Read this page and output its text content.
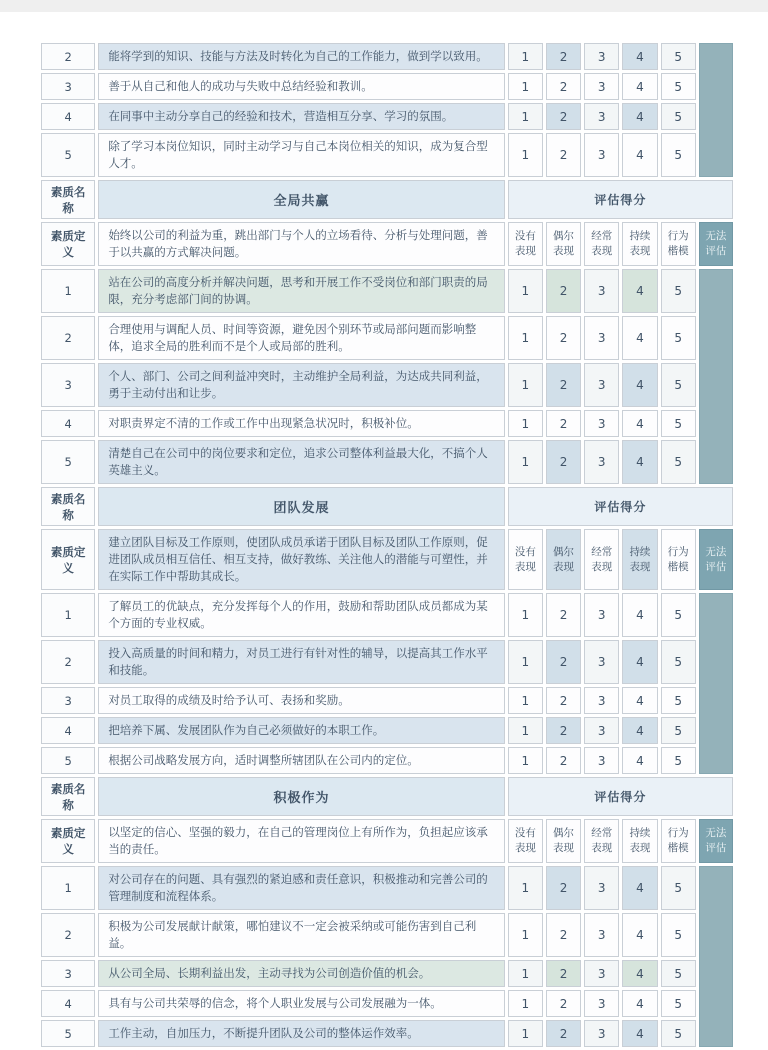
2	能将学到的知识、技能与方法及时转化为自己的工作能力，做到学以致用。	1	2	3	4	5	
3	善于从自己和他人的成功与失败中总结经验和教训。	1	2	3	4	5	
4	在同事中主动分享自己的经验和技术，营造相互分享、学习的氛围。	1	2	3	4	5	
5	除了学习本岗位知识，同时主动学习与自己本岗位相关的知识，成为复合型人才。	1	2	3	4	5	
素质名称	全局共赢	评估得分					
素质定义	始终以公司的利益为重，跳出部门与个人的立场看待、分析与处理问题，善于以共赢的方式解决问题。	没有表现	偶尔表现	经常表现	持续表现	行为楷模	无法评估
1	站在公司的高度分析并解决问题，思考和开展工作不受岗位和部门职责的局限，充分考虑部门间的协调。	1	2	3	4	5	
2	合理使用与调配人员、时间等资源，避免因个别环节或局部问题而影响整体，追求全局的胜利而不是个人或局部的胜利。	1	2	3	4	5	
3	个人、部门、公司之间利益冲突时，主动维护全局利益，为达成共同利益，勇于主动付出和让步。	1	2	3	4	5	
4	对职责界定不清的工作或工作中出现紧急状况时，积极补位。	1	2	3	4	5	
5	清楚自己在公司中的岗位要求和定位，追求公司整体利益最大化，不搞个人英雄主义。	1	2	3	4	5	
素质名称	团队发展	评估得分					
素质定义	建立团队目标及工作原则，使团队成员承诺于团队目标及团队工作原则，促进团队成员相互信任、相互支持，做好教练、关注他人的潜能与可塑性，并在实际工作中帮助其成长。	没有表现	偶尔表现	经常表现	持续表现	行为楷模	无法评估
1	了解员工的优缺点，充分发挥每个人的作用，鼓励和帮助团队成员都成为某个方面的专业权威。	1	2	3	4	5	
2	投入高质量的时间和精力，对员工进行有针对性的辅导，以提高其工作水平和技能。	1	2	3	4	5	
3	对员工取得的成绩及时给予认可、表扬和奖励。	1	2	3	4	5	
4	把培养下属、发展团队作为自己必须做好的本职工作。	1	2	3	4	5	
5	根据公司战略发展方向，适时调整所辖团队在公司内的定位。	1	2	3	4	5	
素质名称	积极作为	评估得分					
素质定义	以坚定的信心、坚强的毅力，在自己的管理岗位上有所作为，负担起应该承当的责任。	没有表现	偶尔表现	经常表现	持续表现	行为楷模	无法评估
1	对公司存在的问题、具有强烈的紧迫感和责任意识，积极推动和完善公司的管理制度和流程体系。	1	2	3	4	5	
2	积极为公司发展献计献策，哪怕建议不一定会被采纳或可能伤害到自己利益。	1	2	3	4	5	
3	从公司全局、长期利益出发，主动寻找为公司创造价值的机会。	1	2	3	4	5	
4	具有与公司共荣辱的信念，将个人职业发展与公司发展融为一体。	1	2	3	4	5	
5	工作主动，自加压力，不断提升团队及公司的整体运作效率。	1	2	3	4	5	
